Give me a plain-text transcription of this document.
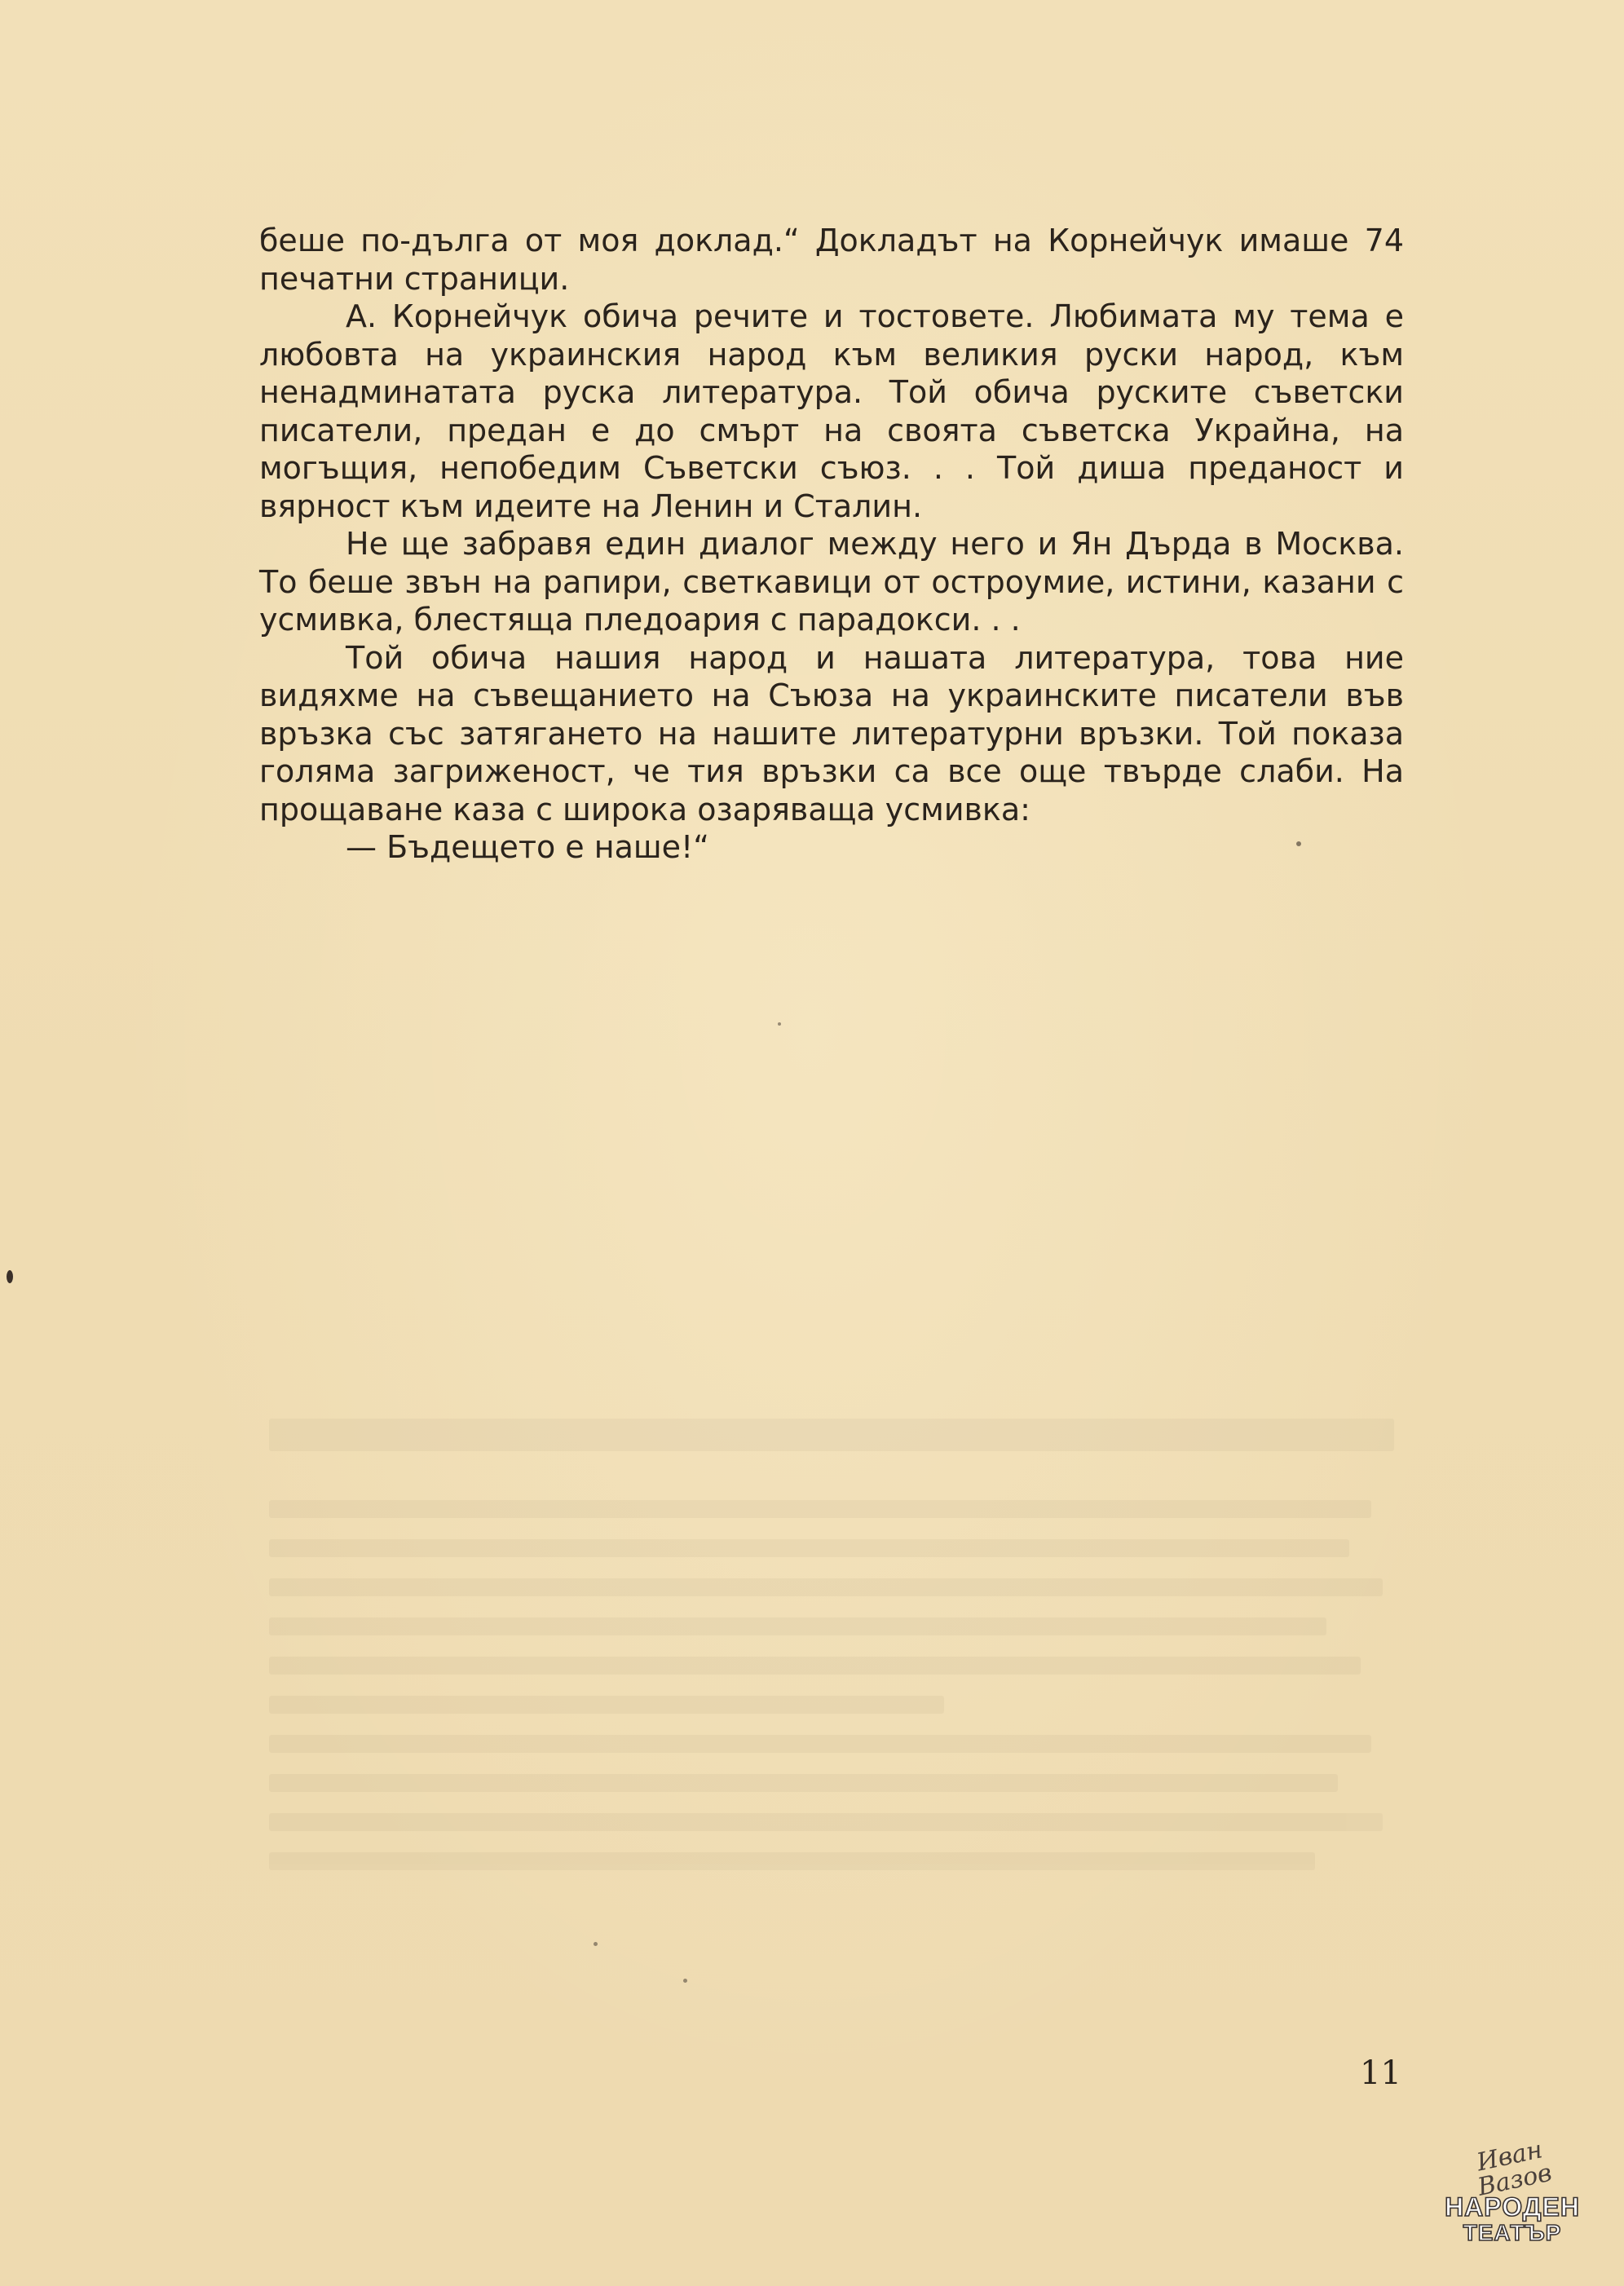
беше по-дълга от моя доклад.“ Докладът на Корнейчук имаше 74 печатни страници.

А. Корнейчук обича речите и тостовете. Любимата му тема е любовта на украинския народ към великия руски народ, към ненадминатата руска литература. Той обича руските съветски писатели, предан е до смърт на своята съветска Украйна, на могъщия, непобедим Съветски съюз. . . Той диша преданост и вярност към идеите на Ленин и Сталин.

Не ще забравя един диалог между него и Ян Дърда в Москва. То беше звън на рапири, светкавици от остроумие, истини, казани с усмивка, блестяща пледоария с парадокси. . .

Той обича нашия народ и нашата литература, това ние видяхме на съвещанието на Съюза на украинските писатели във връзка със затягането на нашите литературни връзки. Той показа голяма загриженост, че тия връзки са все още твърде слаби. На прощаване каза с широка озаряваща усмивка:

— Бъдещето е наше!“

11
Иван Вазов
НАРОДЕН
ТЕАТЪР
